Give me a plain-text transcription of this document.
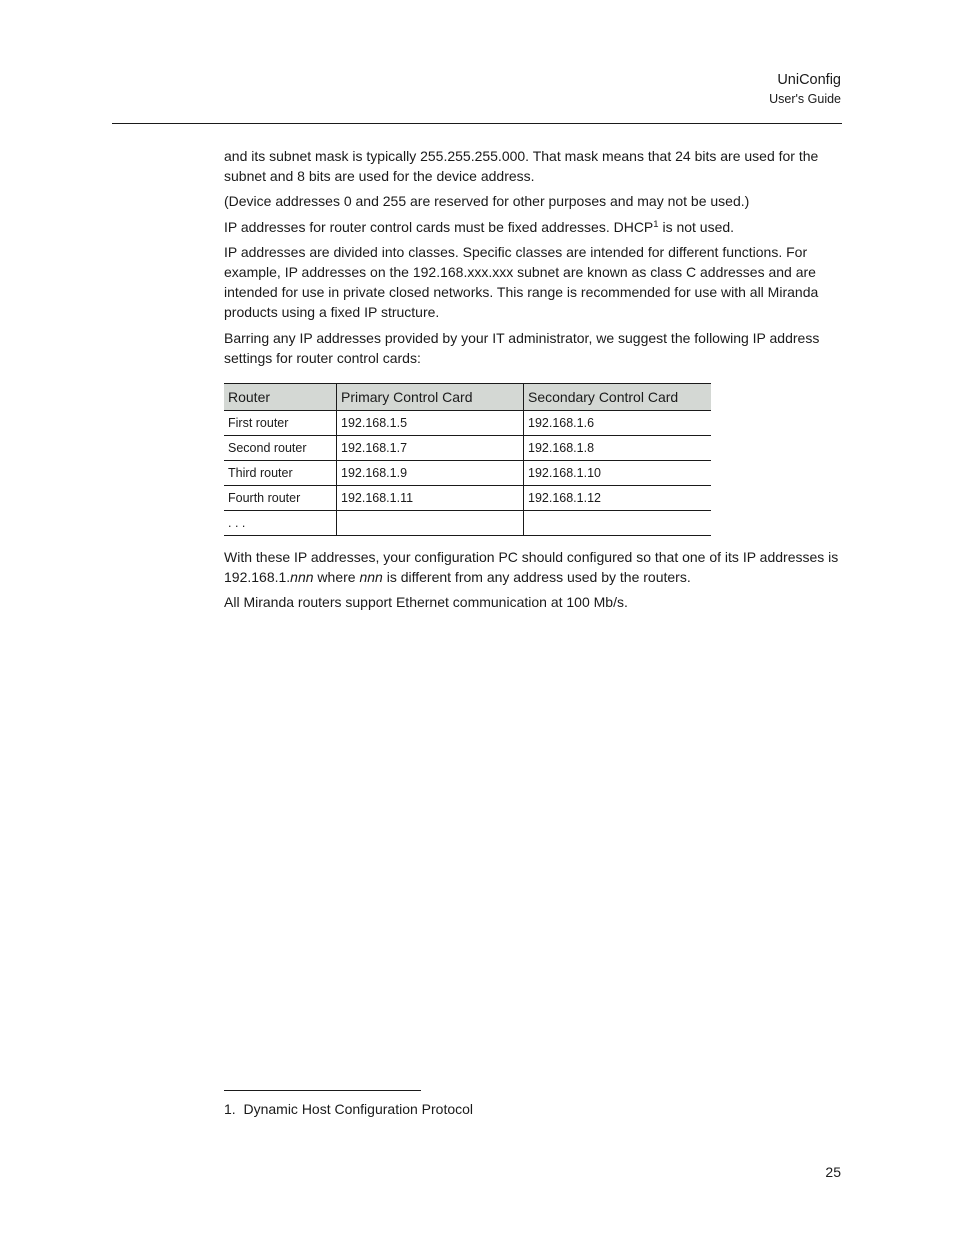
UniConfig
User's Guide

and its subnet mask is typically 255.255.255.000. That mask means that 24 bits are used for the subnet and 8 bits are used for the device address.

(Device addresses 0 and 255 are reserved for other purposes and may not be used.)

IP addresses for router control cards must be fixed addresses. DHCP$^1$ is not used.

IP addresses are divided into classes. Specific classes are intended for different functions. For example, IP addresses on the 192.168.xxx.xxx subnet are known as class C addresses and are intended for use in private closed networks. This range is recommended for use with all Miranda products using a fixed IP structure.

Barring any IP addresses provided by your IT administrator, we suggest the following IP address settings for router control cards:

Router	Primary Control Card	Secondary Control Card
First router	192.168.1.5	192.168.1.6
Second router	192.168.1.7	192.168.1.8
Third router	192.168.1.9	192.168.1.10
Fourth router	192.168.1.11	192.168.1.12
. . .		

With these IP addresses, your configuration PC should configured so that one of its IP addresses is 192.168.1.nnn where nnn is different from any address used by the routers.

All Miranda routers support Ethernet communication at 100 Mb/s.

1. Dynamic Host Configuration Protocol
25
